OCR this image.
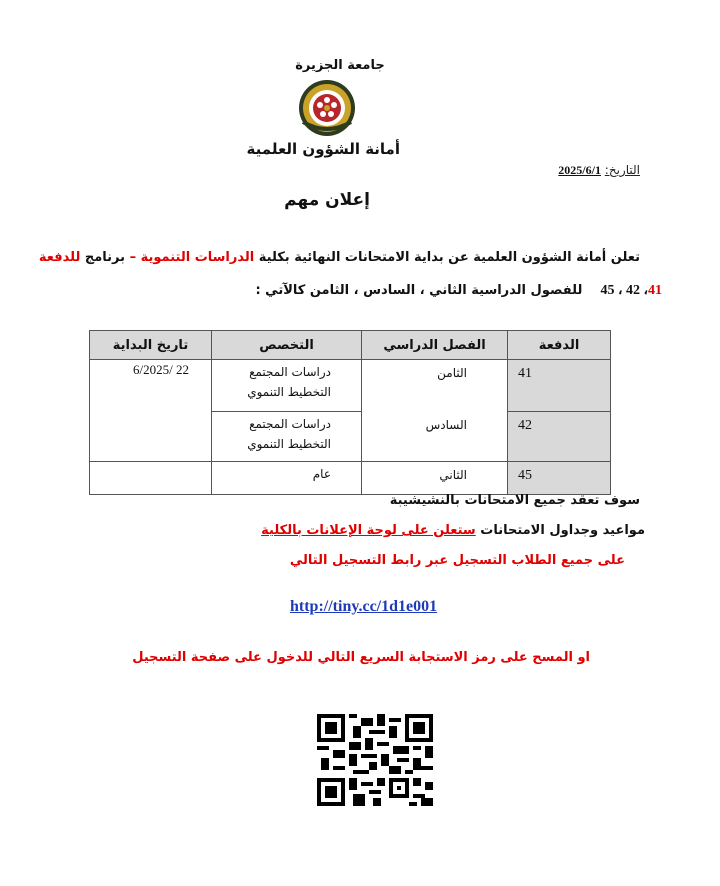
جامعة الجزيرة
أمانة الشؤون العلمية
التاريخ: 2025/6/1
إعلان مهم
تعلن أمانة الشؤون العلمية عن بداية الامتحانات النهائية بكلية الدراسات التنموية – برنامج للدفعة
41، 42 ، 45    للفصول الدراسية الثاني ، السادس ، الثامن كالآتي :
الدفعة	الفصل الدراسي	التخصص	تاريخ البداية
41	الثامن	دراسات المجتمع
التخطيط التنموي	22 /6/2025
42	السادس	دراسات المجتمع
التخطيط التنموي	

45	الثاني	عام	
سوف تعقد جميع الامتحانات بالنشيشيبة
مواعيد وجداول الامتحانات ستعلن على لوحة الإعلانات بالكلية
على جميع الطلاب التسجيل عبر رابط التسجيل التالي
http://tiny.cc/1d1e001
او المسح على رمز الاستجابة السريع التالي للدخول على صفحة التسجيل
